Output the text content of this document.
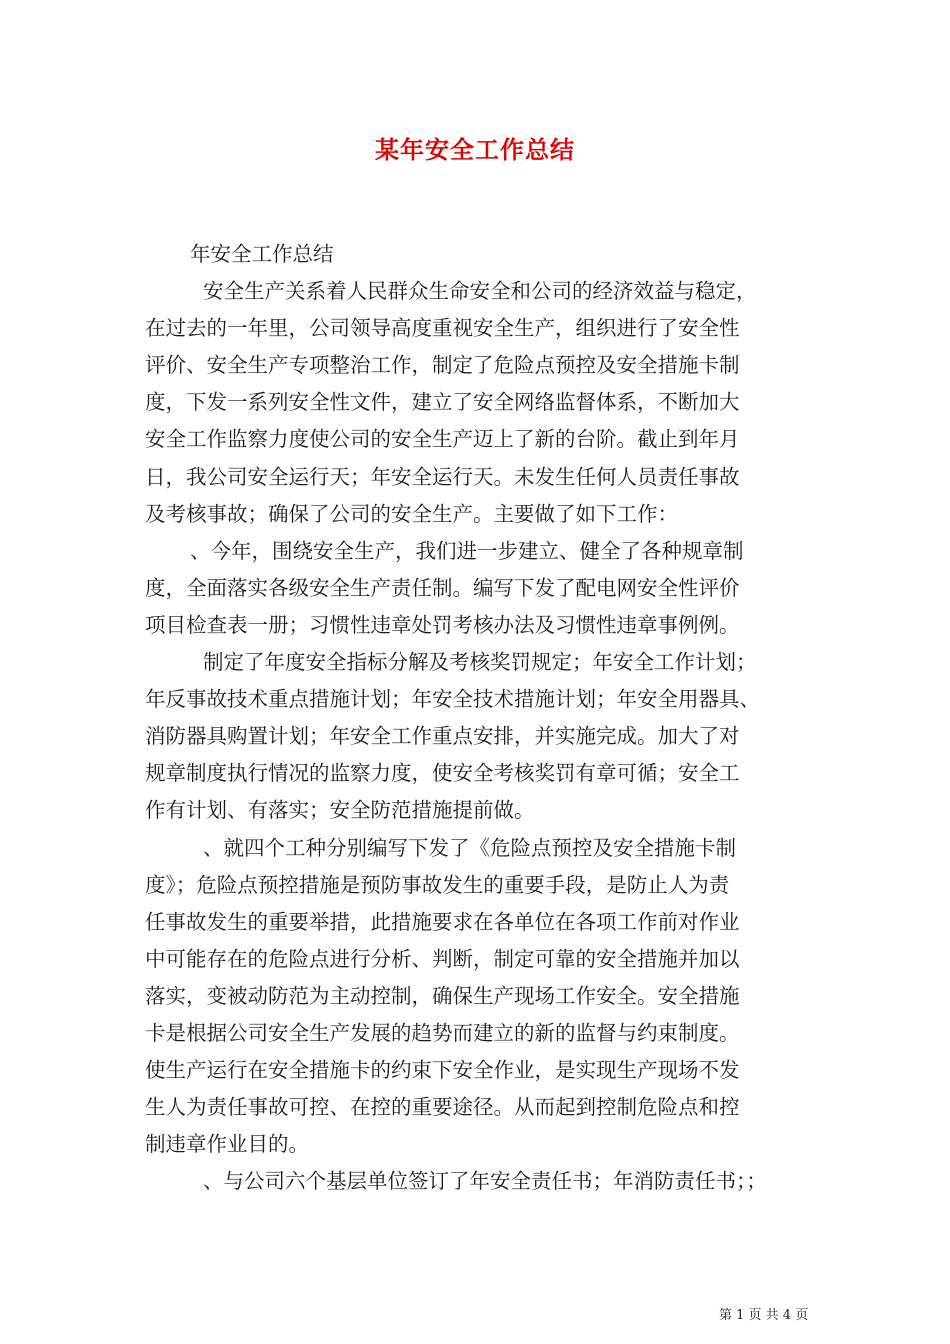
某年安全工作总结
年安全工作总结
安全生产关系着人民群众生命安全和公司的经济效益与稳定，
在过去的一年里，公司领导高度重视安全生产，组织进行了安全性
评价、安全生产专项整治工作，制定了危险点预控及安全措施卡制
度，下发一系列安全性文件，建立了安全网络监督体系，不断加大
安全工作监察力度使公司的安全生产迈上了新的台阶。截止到年月
日，我公司安全运行天；年安全运行天。未发生任何人员责任事故
及考核事故；确保了公司的安全生产。主要做了如下工作：
、今年，围绕安全生产，我们进一步建立、健全了各种规章制
度，全面落实各级安全生产责任制。编写下发了配电网安全性评价
项目检查表一册；习惯性违章处罚考核办法及习惯性违章事例例。
制定了年度安全指标分解及考核奖罚规定；年安全工作计划；
年反事故技术重点措施计划；年安全技术措施计划；年安全用器具、
消防器具购置计划；年安全工作重点安排，并实施完成。加大了对
规章制度执行情况的监察力度，使安全考核奖罚有章可循；安全工
作有计划、有落实；安全防范措施提前做。
、就四个工种分别编写下发了《危险点预控及安全措施卡制
度》；危险点预控措施是预防事故发生的重要手段，是防止人为责
任事故发生的重要举措，此措施要求在各单位在各项工作前对作业
中可能存在的危险点进行分析、判断，制定可靠的安全措施并加以
落实，变被动防范为主动控制，确保生产现场工作安全。安全措施
卡是根据公司安全生产发展的趋势而建立的新的监督与约束制度。
使生产运行在安全措施卡的约束下安全作业，是实现生产现场不发
生人为责任事故可控、在控的重要途径。从而起到控制危险点和控
制违章作业目的。
、与公司六个基层单位签订了年安全责任书；年消防责任书；；
第 1 页 共 4 页
